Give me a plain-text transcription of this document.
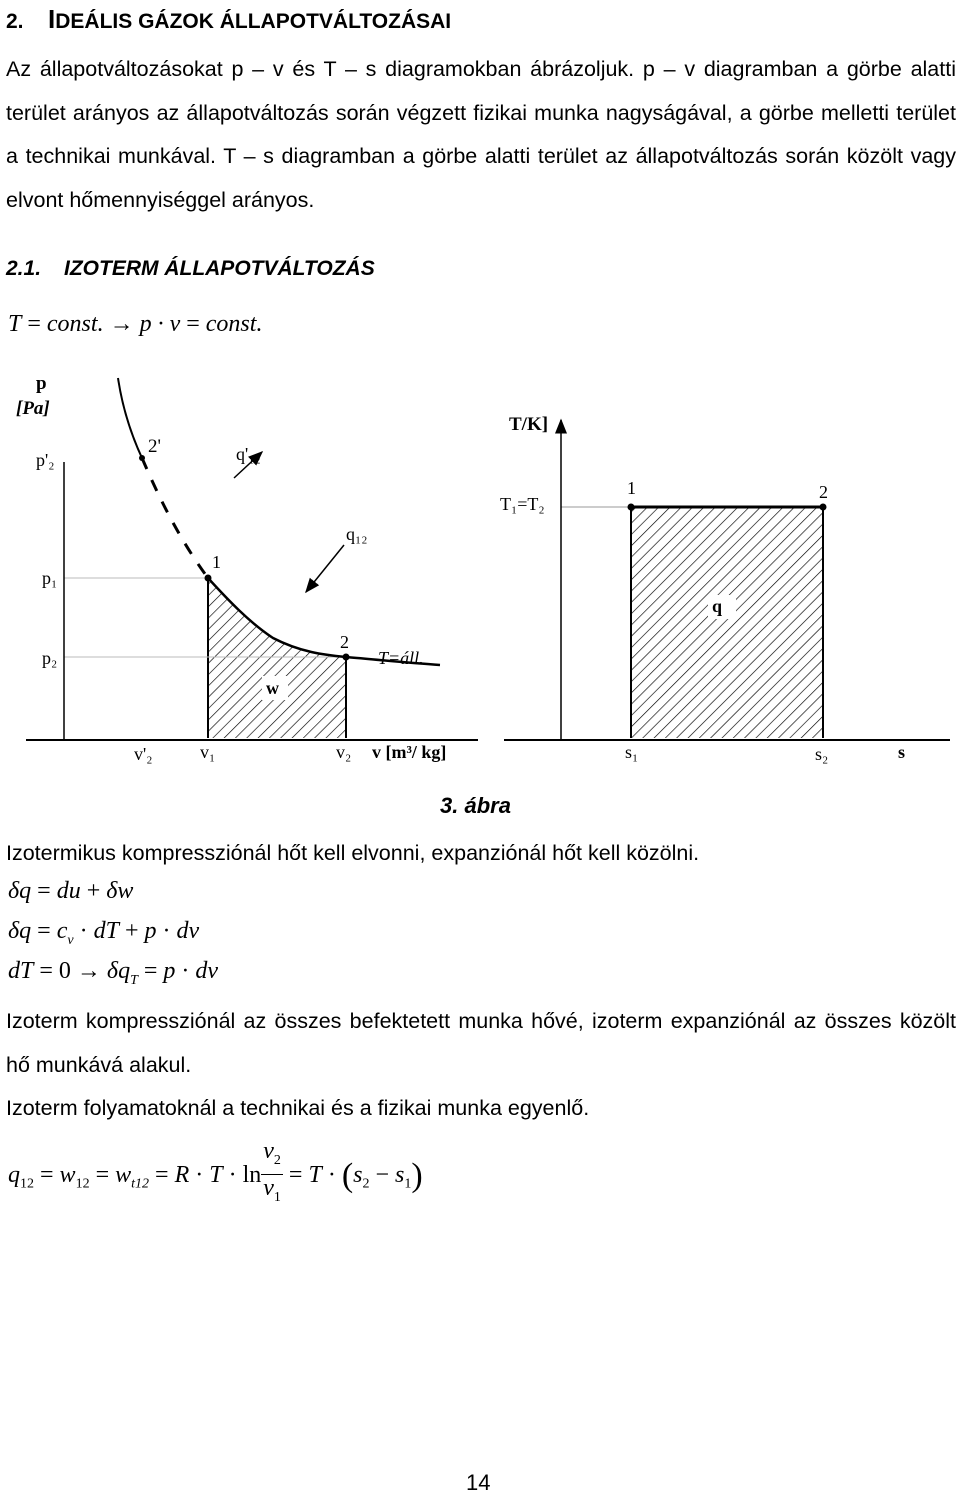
2. IDEÁLIS GÁZOK ÁLLAPOTVÁLTOZÁSAI
Az állapotváltozásokat p – v és T – s diagramokban ábrázoljuk. p – v diagramban a görbe alatti terület arányos az állapotváltozás során végzett fizikai munka nagyságával, a görbe melletti terület a technikai munkával. T – s diagramban a görbe alatti terület az állapotváltozás során közölt vagy elvont hőmennyiséggel arányos.
2.1. IZOTERM ÁLLAPOTVÁLTOZÁS
T = const. → p · v = const.
p
[Pa]
p'₂
p₁
p₂
v'₂	v₁	v₂ v [m³/ kg]
2'
1
2
q'₁₂
q₁₂
T=áll.
w
T/K]
T₁=T₂
1	2
q
s₁	s₂	s
3. ábra
Izotermikus kompressziónál hőt kell elvonni, expanziónál hőt kell közölni.
δq = du + δw
$\delta q = c_v$ · dT + p · dv
dT = $0 \to \delta q_T = p$ · dv
Izoterm kompressziónál az összes befektetett munka hővé, izoterm expanziónál az összes közölt hő munkává alakul.
Izoterm folyamatoknál a technikai és a fizikai munka egyenlő.
$q_{12} = w_{12} = w_{t12} = R \cdot T \cdot \ln \frac{v_2}{v_1} = T \cdot (s_2 - s_1)$
14
